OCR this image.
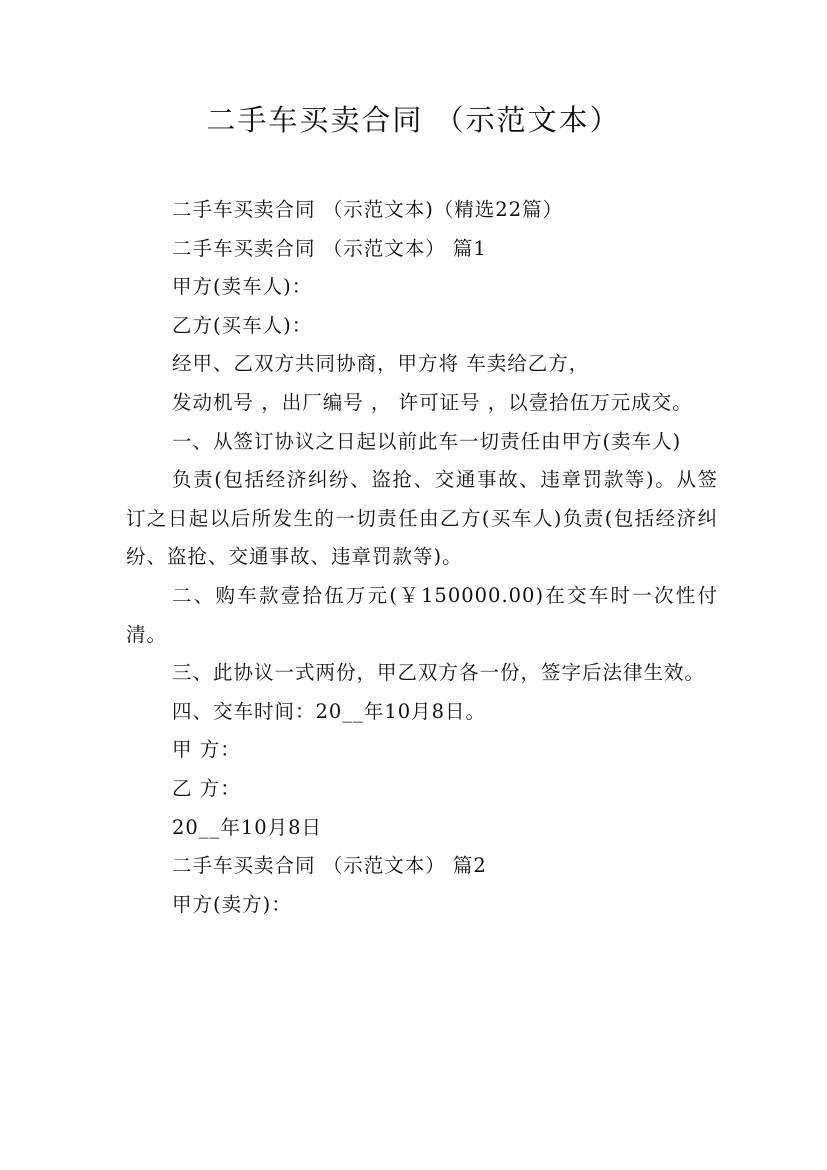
二手车买卖合同 （示范文本）

二手车买卖合同 （示范文本)（精选22篇）

二手车买卖合同 （示范文本） 篇1

甲方(卖车人)：

乙方(买车人)：

经甲、乙双方共同协商，甲方将 车卖给乙方，

发动机号 ，出厂编号 ， 许可证号 ，以壹拾伍万元成交。

一、从签订协议之日起以前此车一切责任由甲方(卖车人)

负责(包括经济纠纷、盗抢、交通事故、违章罚款等)。从签订之日起以后所发生的一切责任由乙方(买车人)负责(包括经济纠纷、盗抢、交通事故、违章罚款等)。

二、购车款壹拾伍万元(￥150000.00)在交车时一次性付清。

三、此协议一式两份，甲乙双方各一份，签字后法律生效。

四、交车时间：20__年10月8日。

甲 方：

乙 方：

20__年10月8日

二手车买卖合同 （示范文本） 篇2

甲方(卖方)：
